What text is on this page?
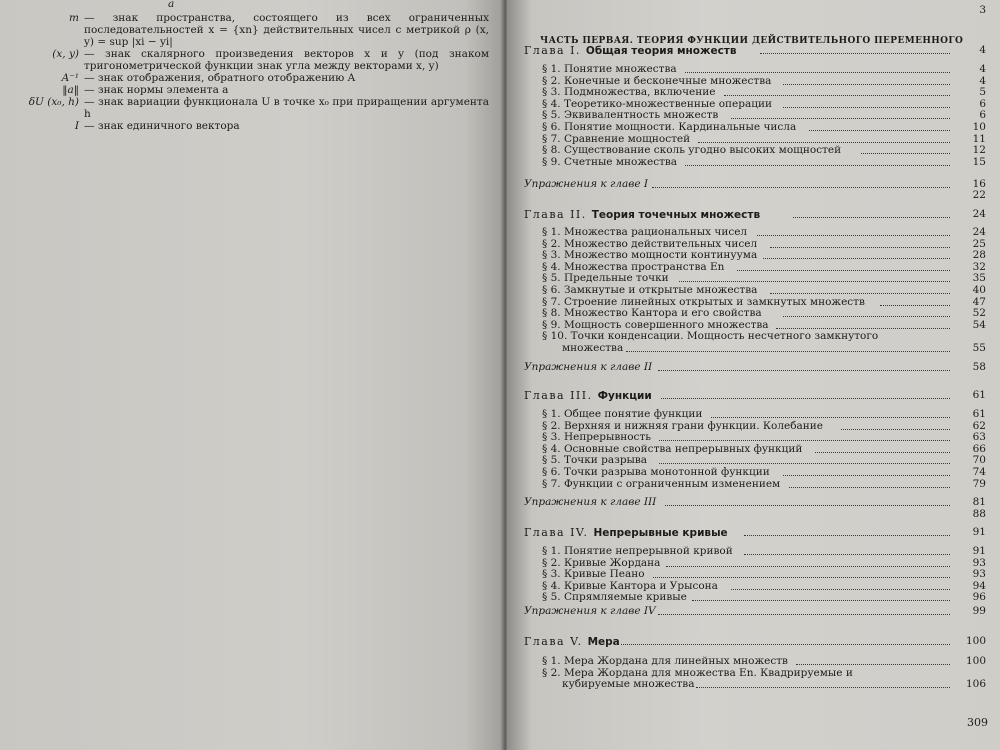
a
m — знак пространства, состоящего из всех ограниченных последовательностей x = {xn} действительных чисел с метрикой ρ (x, y) = sup |xi − yi|
(x, y) — знак скалярного произведения векторов x и y (под знаком тригонометрической функции знак угла между векторами x, y)
A⁻¹ — знак отображения, обратного отображению A
‖a‖ — знак нормы элемента a
δU (x₀, h) — знак вариации функционала U в точке x₀ при приращении аргумента h
I — знак единичного вектора
3
ЧАСТЬ ПЕРВАЯ. ТЕОРИЯ ФУНКЦИИ ДЕЙСТВИТЕЛЬНОГО ПЕРЕМЕННОГО
Глава I. Общая теория множеств	4
§ 1. Понятие множества	4
§ 2. Конечные и бесконечные множества	4
§ 3. Подмножества, включение	5
§ 4. Теоретико-множественные операции	6
§ 5. Эквивалентность множеств	6
§ 6. Понятие мощности. Кардинальные числа	10
§ 7. Сравнение мощностей	11
§ 8. Существование сколь угодно высоких мощностей	12
§ 9. Счетные множества	15
Упражнения к главе I	16
22
Глава II. Теория точечных множеств	24
§ 1. Множества рациональных чисел	24
§ 2. Множество действительных чисел	25
§ 3. Множество мощности континуума	28
§ 4. Множества пространства En	32
§ 5. Предельные точки	35
§ 6. Замкнутые и открытые множества	40
§ 7. Строение линейных открытых и замкнутых множеств	47
§ 8. Множество Кантора и его свойства	52
§ 9. Мощность совершенного множества	54
§ 10. Точки конденсации. Мощность несчетного замкнутого
множества	55
Упражнения к главе II	58
Глава III. Функции	61
§ 1. Общее понятие функции	61
§ 2. Верхняя и нижняя грани функции. Колебание	62
§ 3. Непрерывность	63
§ 4. Основные свойства непрерывных функций	66
§ 5. Точки разрыва	70
§ 6. Точки разрыва монотонной функции	74
§ 7. Функции с ограниченным изменением	79
Упражнения к главе III	81
88
Глава IV. Непрерывные кривые	91
§ 1. Понятие непрерывной кривой	91
§ 2. Кривые Жордана	93
§ 3. Кривые Пеано	93
§ 4. Кривые Кантора и Урысона	94
§ 5. Спрямляемые кривые	96
Упражнения к главе IV	99
Глава V. Мера	100
§ 1. Мера Жордана для линейных множеств	100
§ 2. Мера Жордана для множества En. Квадрируемые и
кубируемые множества	106
309
